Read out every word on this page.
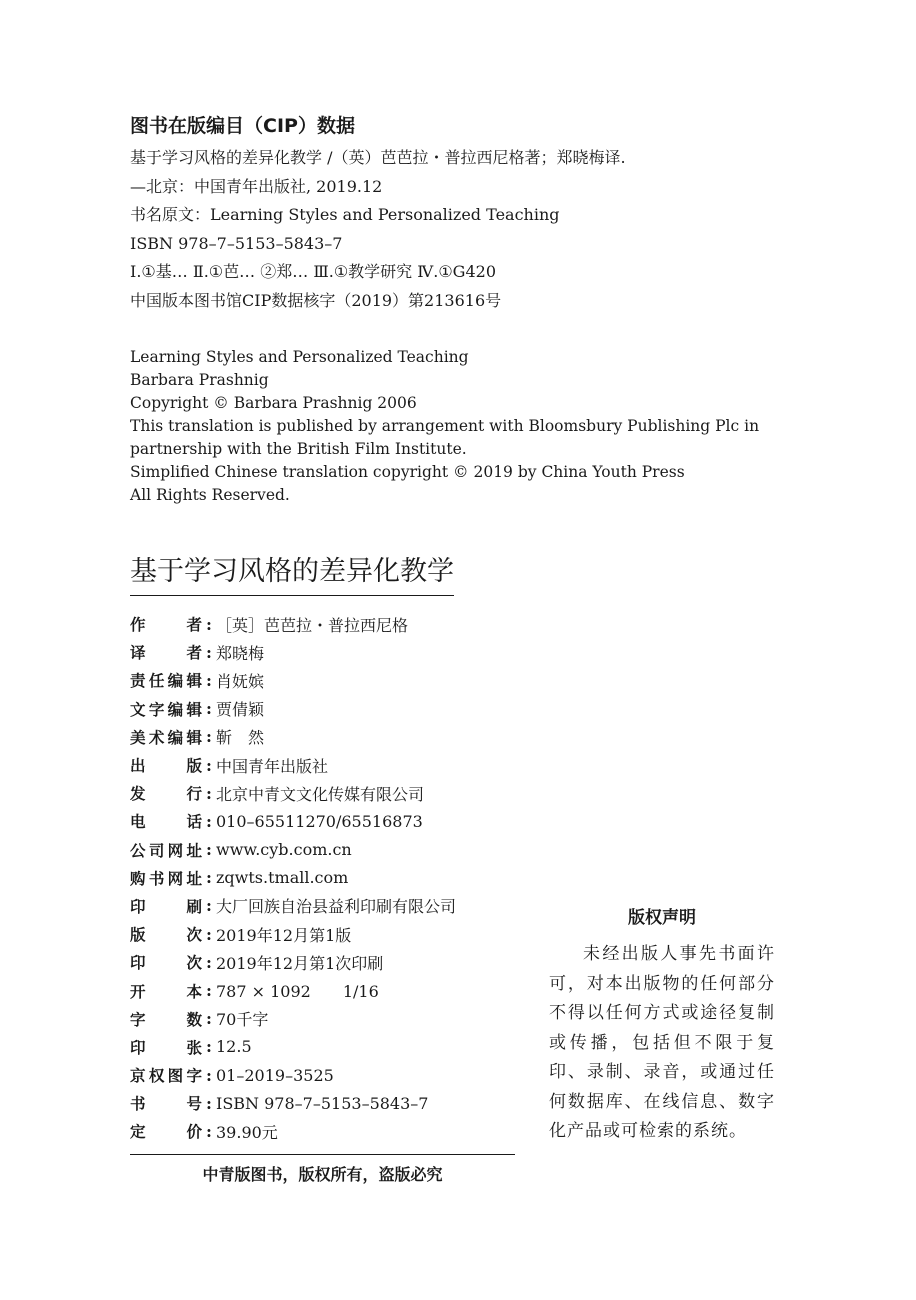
图书在版编目（CIP）数据
基于学习风格的差异化教学 /（英）芭芭拉・普拉西尼格著；郑晓梅译.
—北京：中国青年出版社, 2019.12
书名原文：Learning Styles and Personalized Teaching
ISBN 978–7–5153–5843–7
Ⅰ.①基… Ⅱ.①芭… ②郑… Ⅲ.①教学研究 Ⅳ.①G420
中国版本图书馆CIP数据核字（2019）第213616号
Learning Styles and Personalized Teaching
Barbara Prashnig
Copyright © Barbara Prashnig 2006
This translation is published by arrangement with Bloomsbury Publishing Plc in
partnership with the British Film Institute.
Simplified Chinese translation copyright © 2019 by China Youth Press
All Rights Reserved.
基于学习风格的差异化教学
作	者 : ［英］芭芭拉・普拉西尼格
译	者 : 郑晓梅
责 任 编 辑 : 肖妩嫔
文 字 编 辑 : 贾倩颖
美 术 编 辑 : 靳　然
出	版 : 中国青年出版社
发	行 : 北京中青文文化传媒有限公司
电	话 : 010–65511270/65516873
公 司 网 址 : www.cyb.com.cn
购 书 网 址 : zqwts.tmall.com
印	刷 : 大厂回族自治县益利印刷有限公司
版	次 : 2019年12月第1版
印	次 : 2019年12月第1次印刷
开	本 : 787 × 1092　　1/16
字	数 : 70千字
印	张 : 12.5
京 权 图 字 : 01–2019–3525
书	号 : ISBN 978–7–5153–5843–7
定	价 : 39.90元
中青版图书，版权所有，盗版必究
版权声明
未经出版人事先书面许可，对本出版物的任何部分不得以任何方式或途径复制或传播，包括但不限于复印、录制、录音，或通过任何数据库、在线信息、数字化产品或可检索的系统。
